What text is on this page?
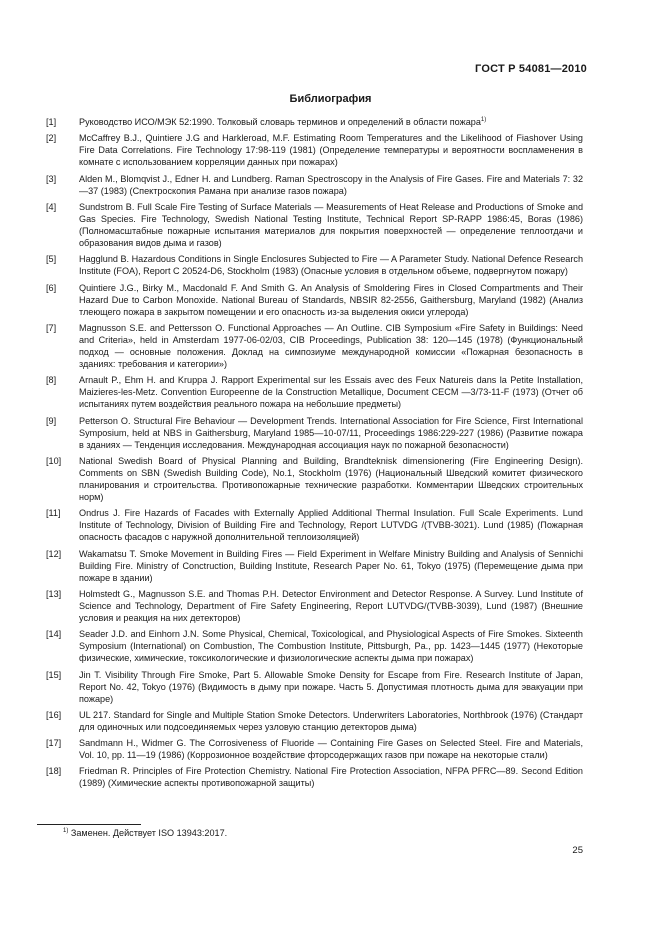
ГОСТ Р 54081—2010
Библиография
[1]	Руководство ИСО/МЭК 52:1990. Толковый словарь терминов и определений в области пожара$^{1)}$
[2]	McCaffrey B.J., Quintiere J.G and Harkleroad, M.F. Estimating Room Temperatures and the Likelihood of Fiashover Using Fire Data Correlations. Fire Technology 17:98-119 (1981) (Определение температуры и вероятности воспламенения в комнате с использованием корреляции данных при пожарах)
[3]	Alden M., Blomqvist J., Edner H. and Lundberg. Raman Spectroscopy in the Analysis of Fire Gases. Fire and Materials 7: 32—37 (1983) (Спектроскопия Рамана при анализе газов пожара)
[4]	Sundstrom B. Full Scale Fire Testing of Surface Materials — Measurements of Heat Release and Productions of Smoke and Gas Species. Fire Technology, Swedish National Testing Institute, Technical Report SP-RAPP 1986:45, Boras (1986) (Полномасштабные пожарные испытания материалов для покрытия поверхностей — определение теплоотдачи и образования видов дыма и газов)
[5]	Hagglund B. Hazardous Conditions in Single Enclosures Subjected to Fire — A Parameter Study. National Defence Research Institute (FOA), Report C 20524-D6, Stockholm (1983) (Опасные условия в отдельном объеме, подвергнутом пожару)
[6]	Quintiere J.G., Birky M., Macdonald F. And Smith G. An Analysis of Smoldering Fires in Closed Compartments and Their Hazard Due to Carbon Monoxide. National Bureau of Standards, NBSIR 82-2556, Gaithersburg, Maryland (1982) (Анализ тлеющего пожара в закрытом помещении и его опасность из-за выделения окиси углерода)
[7]	Magnusson S.E. and Pettersson O. Functional Approaches — An Outline. CIB Symposium «Fire Safety in Buildings: Need and Criteria», held in Amsterdam 1977-06-02/03, CIB Proceedings, Publication 38: 120—145 (1978) (Функциональный подход — основные положения. Доклад на симпозиуме международной комиссии «Пожарная безопасность в зданиях: требования и категории»)
[8]	Arnault P., Ehm H. and Kruppa J. Rapport Experimental sur les Essais avec des Feux Natureis dans la Petite Installation, Maizieres-les-Metz. Convention Europeenne de la Construction Metallique, Document CECM —3/73-11-F (1973) (Отчет об испытаниях путем воздействия реального пожара на небольшие предметы)
[9]	Petterson O. Structural Fire Behaviour — Development Trends. International Association for Fire Science, First International Symposium, held at NBS in Gaithersburg, Maryland 1985—10-07/11, Proceedings 1986:229-227 (1986) (Развитие пожара в зданиях — Тенденция исследования. Международная ассоциация наук по пожарной безопасности)
[10]	National Swedish Board of Physical Planning and Building, Brandteknisk dimensionering (Fire Engineering Design). Comments on SBN (Swedish Building Code), No.1, Stockholm (1976) (Национальный Шведский комитет физического планирования и строительства. Противопожарные технические разработки. Комментарии Шведских строительных норм)
[11]	Ondrus J. Fire Hazards of Facades with Externally Applied Additional Thermal Insulation. Full Scale Experiments. Lund Institute of Technology, Division of Building Fire and Technology, Report LUTVDG /(TVBB-3021). Lund (1985) (Пожарная опасность фасадов с наружной дополнительной теплоизоляцией)
[12]	Wakamatsu T. Smoke Movement in Building Fires — Field Experiment in Welfare Ministry Building and Analysis of Sennichi Building Fire. Ministry of Conctruction, Building Institute, Research Paper No. 61, Tokyo (1975) (Перемещение дыма при пожаре в здании)
[13]	Holmstedt G., Magnusson S.E. and Thomas P.H. Detector Environment and Detector Response. A Survey. Lund Institute of Science and Technology, Department of Fire Safety Engineering, Report LUTVDG/(TVBB-3039), Lund (1987) (Внешние условия и реакция на них детекторов)
[14]	Seader J.D. and Einhorn J.N. Some Physical, Chemical, Toxicological, and Physiological Aspects of Fire Smokes. Sixteenth Symposium (International) on Combustion, The Combustion Institute, Pittsburgh, Pa., pp. 1423—1445 (1977) (Некоторые физические, химические, токсикологические и физиологические аспекты дыма при пожарах)
[15]	Jin T. Visibility Through Fire Smoke, Part 5. Allowable Smoke Density for Escape from Fire. Research Institute of Japan, Report No. 42, Tokyo (1976) (Видимость в дыму при пожаре. Часть 5. Допустимая плотность дыма для эвакуации при пожаре)
[16]	UL 217. Standard for Single and Multiple Station Smoke Detectors. Underwriters Laboratories, Northbrook (1976) (Стандарт для одиночных или подсоединяемых через узловую станцию детекторов дыма)
[17]	Sandmann H., Widmer G. The Corrosiveness of Fluoride — Containing Fire Gases on Selected Steel. Fire and Materials, Vol. 10, pp. 11—19 (1986) (Коррозионное воздействие фторсодержащих газов при пожаре на некоторые стали)
[18]	Friedman R. Principles of Fire Protection Chemistry. National Fire Protection Association, NFPA PFRC—89. Second Edition (1989) (Химические аспекты противопожарной защиты)
$^{1)}$ Заменен. Действует ISO 13943:2017.
25
